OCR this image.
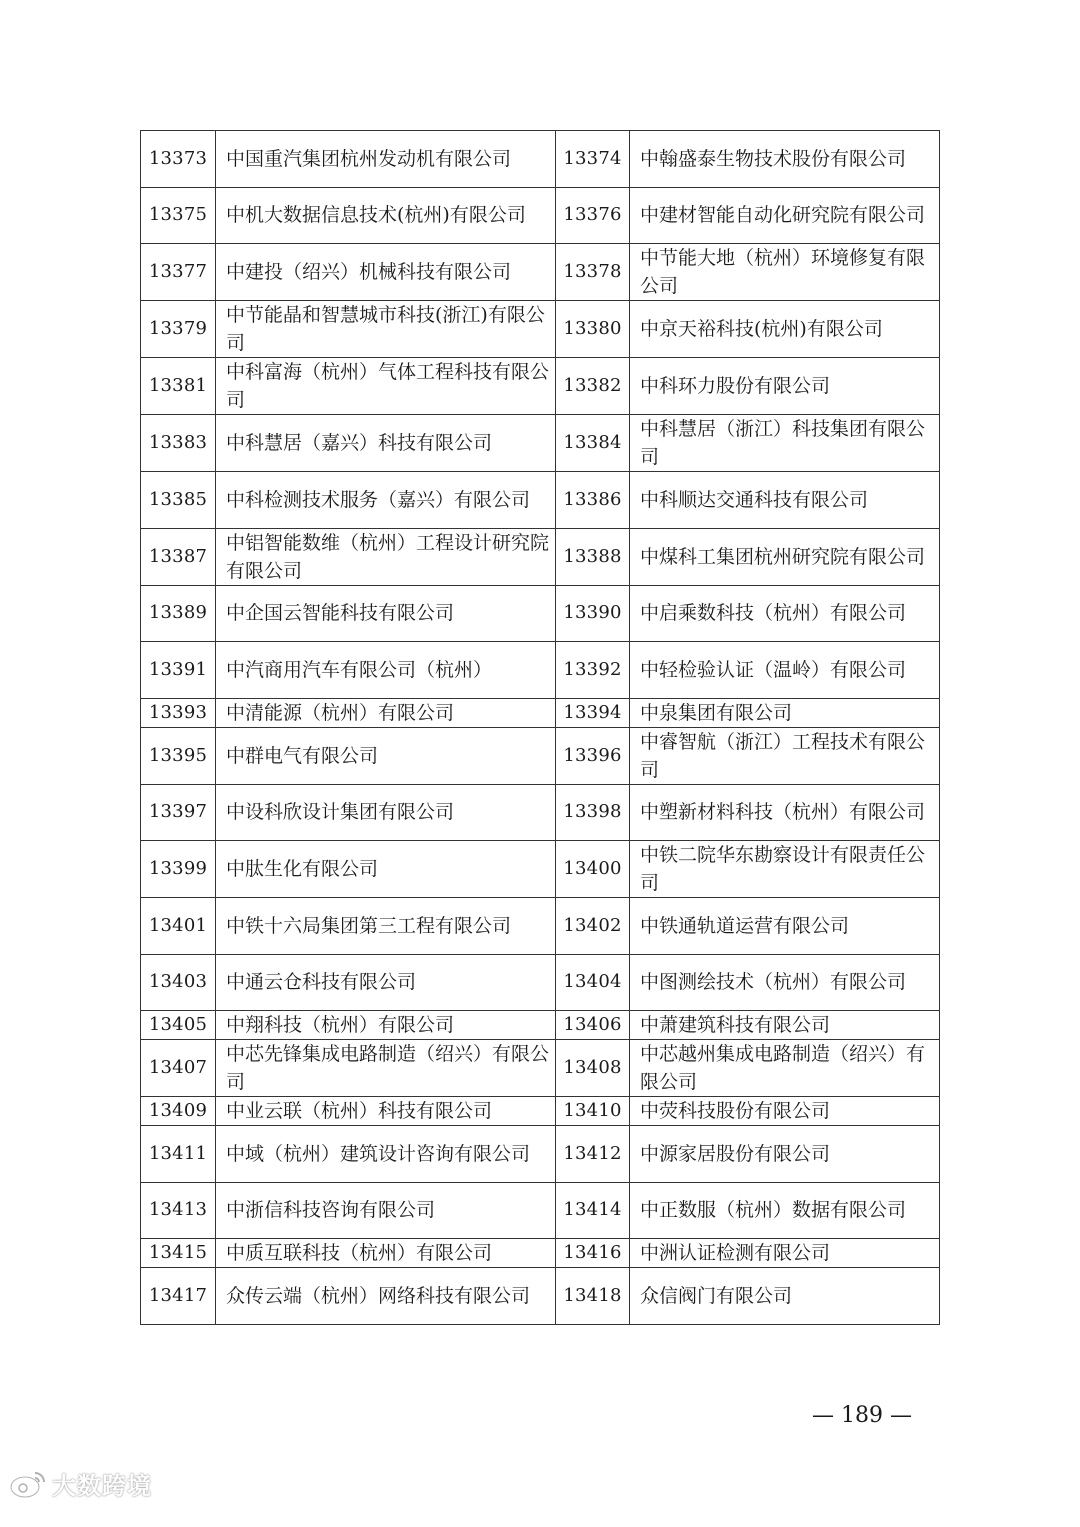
13373	中国重汽集团杭州发动机有限公司	13374	中翰盛泰生物技术股份有限公司
13375	中机大数据信息技术(杭州)有限公司	13376	中建材智能自动化研究院有限公司
13377	中建投（绍兴）机械科技有限公司	13378	中节能大地（杭州）环境修复有限公司
13379	中节能晶和智慧城市科技(浙江)有限公司	13380	中京天裕科技(杭州)有限公司
13381	中科富海（杭州）气体工程科技有限公司	13382	中科环力股份有限公司
13383	中科慧居（嘉兴）科技有限公司	13384	中科慧居（浙江）科技集团有限公司
13385	中科检测技术服务（嘉兴）有限公司	13386	中科顺达交通科技有限公司
13387	中铝智能数维（杭州）工程设计研究院有限公司	13388	中煤科工集团杭州研究院有限公司
13389	中企国云智能科技有限公司	13390	中启乘数科技（杭州）有限公司
13391	中汽商用汽车有限公司（杭州）	13392	中轻检验认证（温岭）有限公司
13393	中清能源（杭州）有限公司	13394	中泉集团有限公司
13395	中群电气有限公司	13396	中睿智航（浙江）工程技术有限公司
13397	中设科欣设计集团有限公司	13398	中塑新材料科技（杭州）有限公司
13399	中肽生化有限公司	13400	中铁二院华东勘察设计有限责任公司
13401	中铁十六局集团第三工程有限公司	13402	中铁通轨道运营有限公司
13403	中通云仓科技有限公司	13404	中图测绘技术（杭州）有限公司
13405	中翔科技（杭州）有限公司	13406	中萧建筑科技有限公司
13407	中芯先锋集成电路制造（绍兴）有限公司	13408	中芯越州集成电路制造（绍兴）有限公司
13409	中业云联（杭州）科技有限公司	13410	中荧科技股份有限公司
13411	中域（杭州）建筑设计咨询有限公司	13412	中源家居股份有限公司
13413	中浙信科技咨询有限公司	13414	中正数服（杭州）数据有限公司
13415	中质互联科技（杭州）有限公司	13416	中洲认证检测有限公司
13417	众传云端（杭州）网络科技有限公司	13418	众信阀门有限公司
— 189 —
大数跨境
